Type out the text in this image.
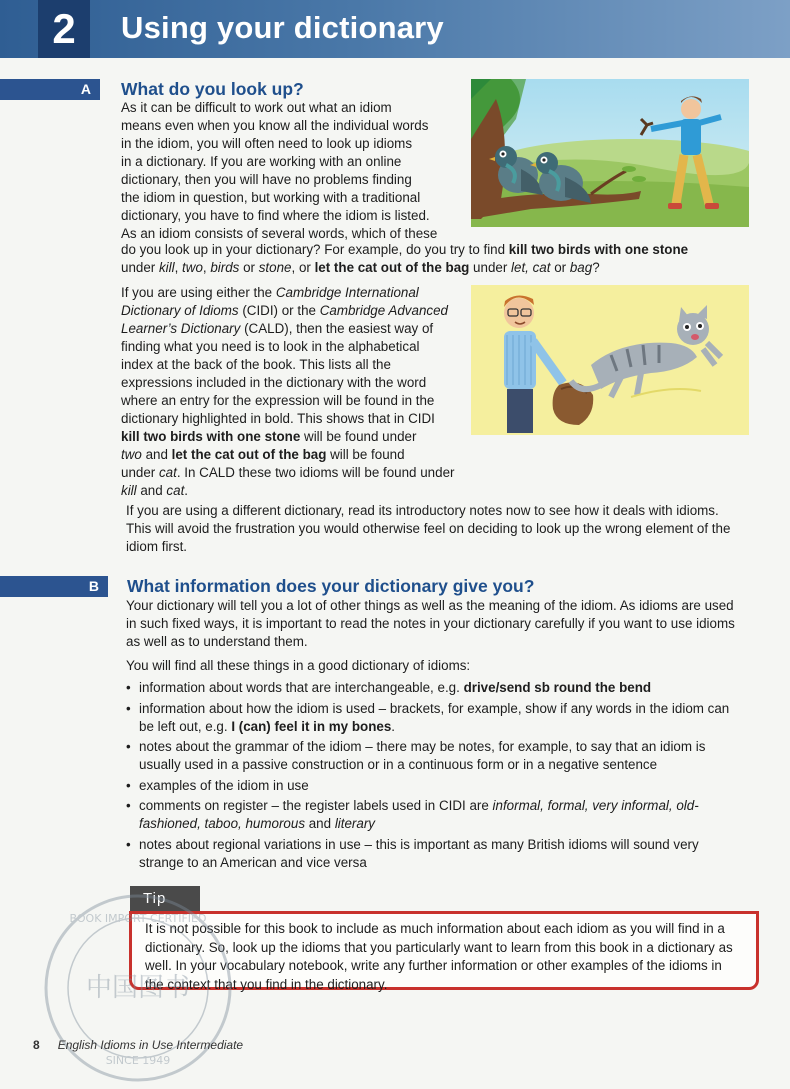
2	Using your dictionary
A What do you look up?
As it can be difficult to work out what an idiom
means even when you know all the individual words
in the idiom, you will often need to look up idioms
in a dictionary. If you are working with an online
dictionary, then you will have no problems finding
the idiom in question, but working with a traditional
dictionary, you have to find where the idiom is listed.
As an idiom consists of several words, which of these
do you look up in your dictionary? For example, do you try to find kill two birds with one stone
under kill, two, birds or stone, or let the cat out of the bag under let, cat or bag?
If you are using either the Cambridge International
Dictionary of Idioms (CIDI) or the Cambridge Advanced
Learner’s Dictionary (CALD), then the easiest way of
finding what you need is to look in the alphabetical
index at the back of the book. This lists all the
expressions included in the dictionary with the word
where an entry for the expression will be found in the
dictionary highlighted in bold. This shows that in CIDI
kill two birds with one stone will be found under
two and let the cat out of the bag will be found
under cat. In CALD these two idioms will be found under
kill and cat.
If you are using a different dictionary, read its introductory notes now to see how it deals with idioms. This will avoid the frustration you would otherwise feel on deciding to look up the wrong element of the idiom first.
B What information does your dictionary give you?
Your dictionary will tell you a lot of other things as well as the meaning of the idiom. As idioms are used in such fixed ways, it is important to read the notes in your dictionary carefully if you want to use idioms as well as to understand them.
You will find all these things in a good dictionary of idioms:
• information about words that are interchangeable, e.g. drive/send sb round the bend
• information about how the idiom is used – brackets, for example, show if any words in the idiom can be left out, e.g. I (can) feel it in my bones.
• notes about the grammar of the idiom – there may be notes, for example, to say that an idiom is usually used in a passive construction or in a continuous form or in a negative sentence
• examples of the idiom in use
• comments on register – the register labels used in CIDI are informal, formal, very informal, old-fashioned, taboo, humorous and literary
• notes about regional variations in use – this is important as many British idioms will sound very strange to an American and vice versa
Tip
It is not possible for this book to include as much information about each idiom as you will find in a dictionary. So, look up the idioms that you particularly want to learn from this book in a dictionary as well. In your vocabulary notebook, write any further information or other examples of the idioms in the context that you find in the dictionary.
BOOK IMPORT CERTIFIED
中国图书
SINCE 1949
8 English Idioms in Use Intermediate
